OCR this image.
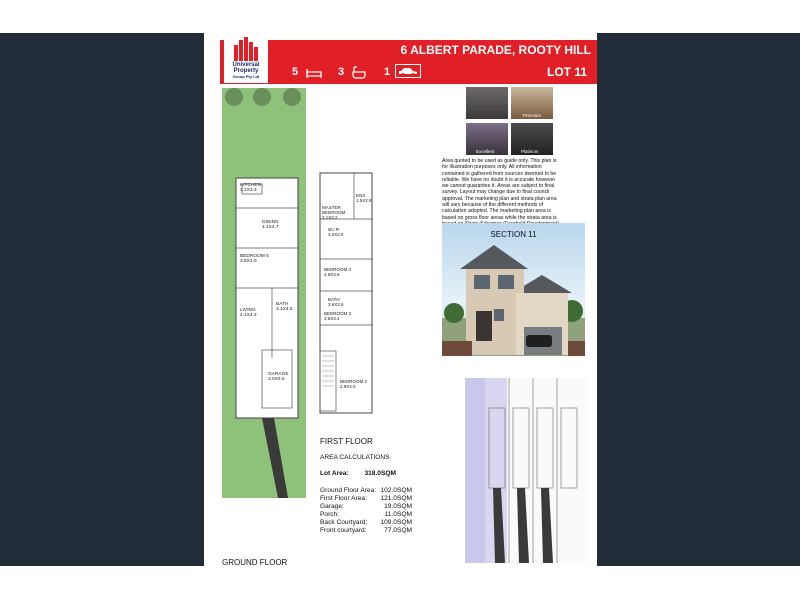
6 ALBERT PARADE, ROOTY HILL
LOT 11
5	3	1
Universal
Property
Group Pty Ltd
Premium
Excellent	Platinum
Area quoted to be used as guide only. This plan is for illustration purposes only. All information contained is gathered from sources deemed to be reliable. We have no doubt it is accurate however we cannot guarantee it. Areas are subject to final survey. Layout may change due to final council approval. The marketing plan and strata plan area will vary because of the different methods of calculation adopted. The marketing plan area is based on gross floor areas while the strata area is
SECTION 11
KITCHEN
3.1X3.3
DINING
4.1X4.7
BEDROOM 5
3.6X3.0
LIVING
4.1X4.3
BATH
3.1X4.5
GARAGE
3.0X5.5
ENS
1.5X2.8
MASTER BEDROOM
3.1X3.2
W.I.R
3.2X2.5
BEDROOM 4
3.6X3.6
BATH
3.6X2.6
BEDROOM 3
3.6X3.4
BEDROOM 2
2.9X4.0
FIRST FLOOR
GROUND FLOOR
AREA CALCULATIONS
Lot Area:	318.0SQM
Ground Floor Area: 102.0SQM
First Floor Area:	121.0SQM
Garage:	19.0SQM
Porch:	11.0SQM
Back Courtyard:	109.0SQM
Front courtyard:	77.0SQM
